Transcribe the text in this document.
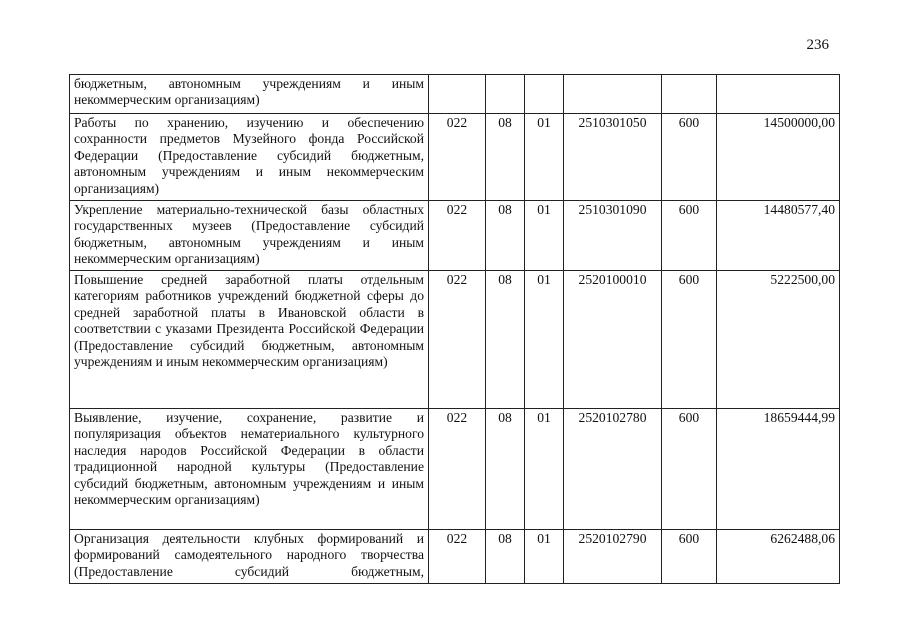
236
бюджетным, автономным учреждениям и иным некоммерческим организациям)						
Работы по хранению, изучению и обеспечению сохранности предметов Музейного фонда Российской Федерации (Предоставление субсидий бюджетным, автономным учреждениям и иным некоммерческим организациям)	022	08	01	2510301050	600	14500000,00
Укрепление материально-технической базы областных государственных музеев (Предоставление субсидий бюджетным, автономным учреждениям и иным некоммерческим организациям)	022	08	01	2510301090	600	14480577,40
Повышение средней заработной платы отдельным категориям работников учреждений бюджетной сферы до средней заработной платы в Ивановской области в соответствии с указами Президента Российской Федерации (Предоставление субсидий бюджетным, автономным учреждениям и иным некоммерческим организациям)	022	08	01	2520100010	600	5222500,00
Выявление, изучение, сохранение, развитие и популяризация объектов нематериального культурного наследия народов Российской Федерации в области традиционной народной культуры (Предоставление субсидий бюджетным, автономным учреждениям и иным некоммерческим организациям)	022	08	01	2520102780	600	18659444,99
Организация деятельности клубных формирований и формирований самодеятельного народного творчества (Предоставление субсидий бюджетным,	022	08	01	2520102790	600	6262488,06
